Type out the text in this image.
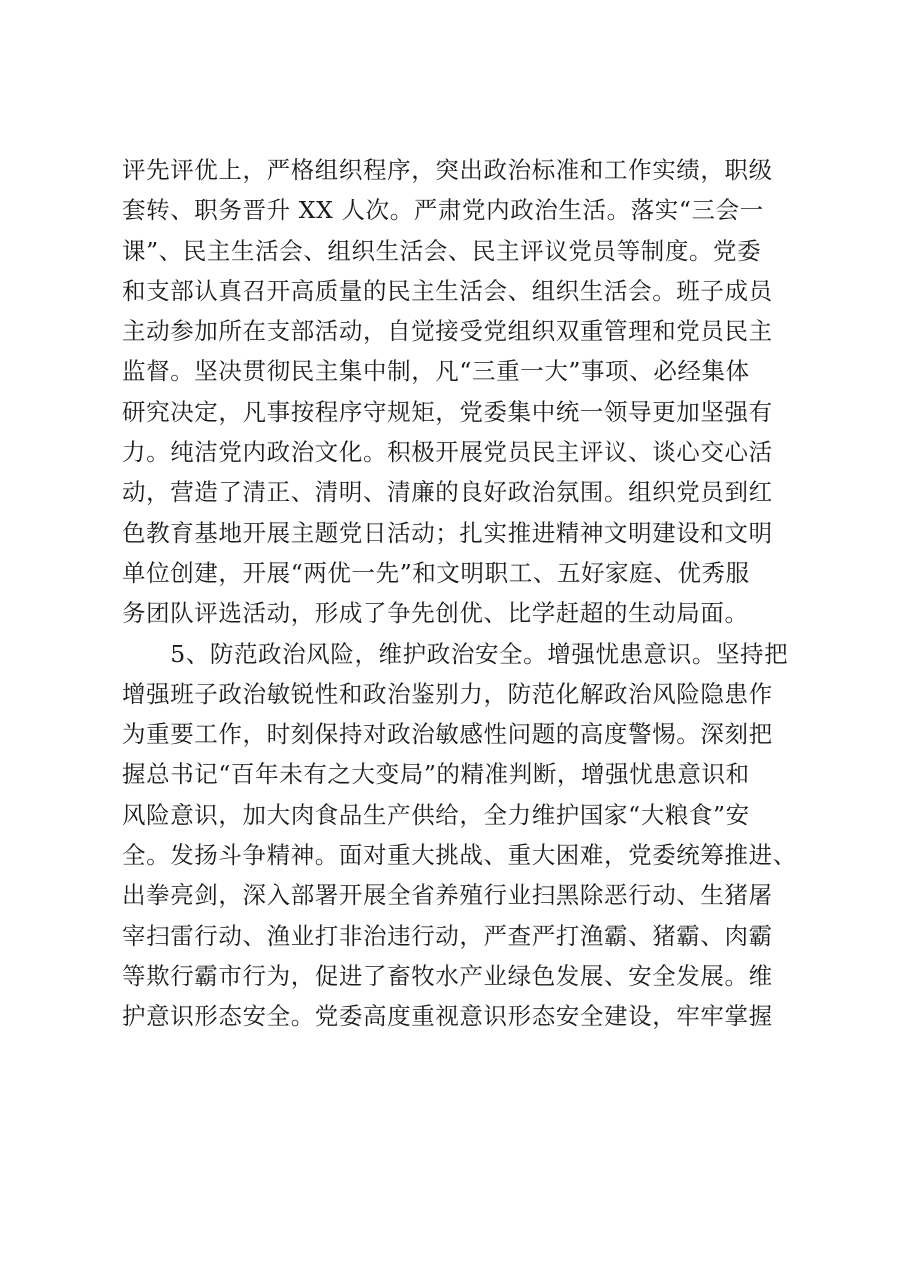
评先评优上，严格组织程序，突出政治标准和工作实绩，职级
套转、职务晋升 XX 人次。严肃党内政治生活。落实“三会一
课”、民主生活会、组织生活会、民主评议党员等制度。党委
和支部认真召开高质量的民主生活会、组织生活会。班子成员
主动参加所在支部活动，自觉接受党组织双重管理和党员民主
监督。坚决贯彻民主集中制，凡“三重一大”事项、必经集体
研究决定，凡事按程序守规矩，党委集中统一领导更加坚强有
力。纯洁党内政治文化。积极开展党员民主评议、谈心交心活
动，营造了清正、清明、清廉的良好政治氛围。组织党员到红
色教育基地开展主题党日活动；扎实推进精神文明建设和文明
单位创建，开展“两优一先”和文明职工、五好家庭、优秀服
务团队评选活动，形成了争先创优、比学赶超的生动局面。
　　5、防范政治风险，维护政治安全。增强忧患意识。坚持把
增强班子政治敏锐性和政治鉴别力，防范化解政治风险隐患作
为重要工作，时刻保持对政治敏感性问题的高度警惕。深刻把
握总书记“百年未有之大变局”的精准判断，增强忧患意识和
风险意识，加大肉食品生产供给，全力维护国家“大粮食”安
全。发扬斗争精神。面对重大挑战、重大困难，党委统筹推进、
出拳亮剑，深入部署开展全省养殖行业扫黑除恶行动、生猪屠
宰扫雷行动、渔业打非治违行动，严查严打渔霸、猪霸、肉霸
等欺行霸市行为，促进了畜牧水产业绿色发展、安全发展。维
护意识形态安全。党委高度重视意识形态安全建设，牢牢掌握
